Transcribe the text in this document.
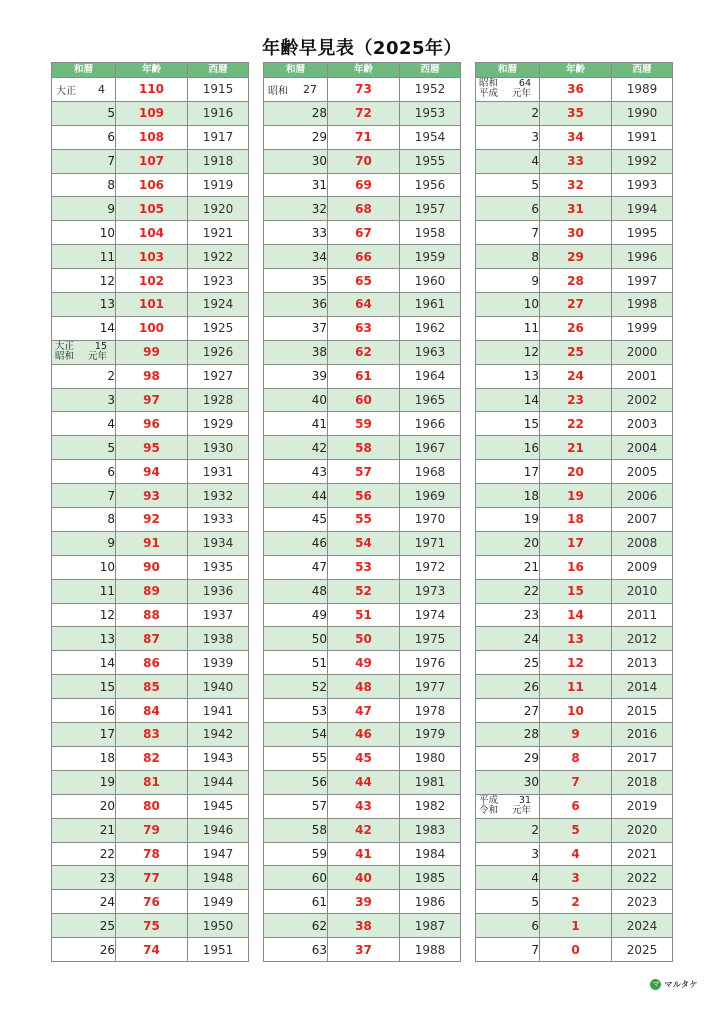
年齢早見表（2025年）
和暦	年齢	西暦

大正 4	110	1915
5	109	1916
6	108	1917
7	107	1918
8	106	1919
9	105	1920
10	104	1921
11	103	1922
12	102	1923
13	101	1924
14	100	1925

大正 15
昭和 元年	99	1926
2	98	1927
3	97	1928
4	96	1929
5	95	1930
6	94	1931
7	93	1932
8	92	1933
9	91	1934
10	90	1935
11	89	1936
12	88	1937
13	87	1938
14	86	1939
15	85	1940
16	84	1941
17	83	1942
18	82	1943
19	81	1944
20	80	1945
21	79	1946
22	78	1947
23	77	1948
24	76	1949
25	75	1950
26	74	1951
和暦	年齢	西暦

昭和 27	73	1952
28	72	1953
29	71	1954
30	70	1955
31	69	1956
32	68	1957
33	67	1958
34	66	1959
35	65	1960
36	64	1961
37	63	1962
38	62	1963
39	61	1964
40	60	1965
41	59	1966
42	58	1967
43	57	1968
44	56	1969
45	55	1970
46	54	1971
47	53	1972
48	52	1973
49	51	1974
50	50	1975
51	49	1976
52	48	1977
53	47	1978
54	46	1979
55	45	1980
56	44	1981
57	43	1982
58	42	1983
59	41	1984
60	40	1985
61	39	1986
62	38	1987
63	37	1988
和暦	年齢	西暦

昭和 64
平成 元年	36	1989
2	35	1990
3	34	1991
4	33	1992
5	32	1993
6	31	1994
7	30	1995
8	29	1996
9	28	1997
10	27	1998
11	26	1999
12	25	2000
13	24	2001
14	23	2002
15	22	2003
16	21	2004
17	20	2005
18	19	2006
19	18	2007
20	17	2008
21	16	2009
22	15	2010
23	14	2011
24	13	2012
25	12	2013
26	11	2014
27	10	2015
28	9	2016
29	8	2017
30	7	2018

平成 31
令和 元年	6	2019
2	5	2020
3	4	2021
4	3	2022
5	2	2023
6	1	2024
7	0	2025
マ マルタケ
